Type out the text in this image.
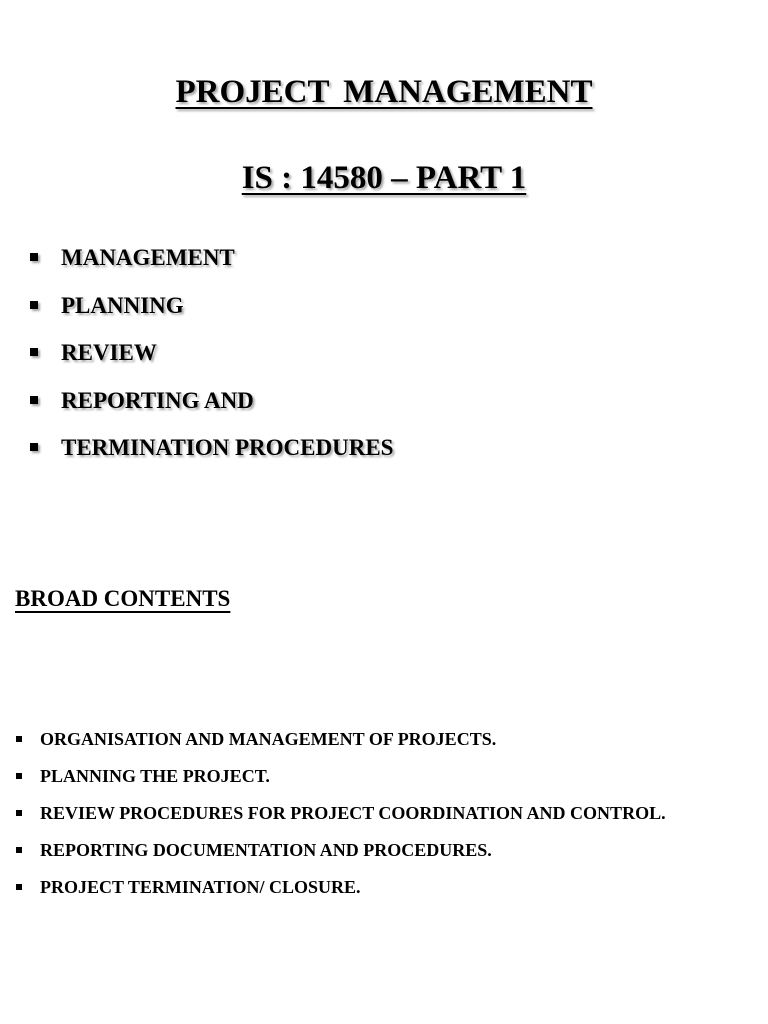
PROJECT MANAGEMENT
IS : 14580 – PART 1
MANAGEMENT
PLANNING
REVIEW
REPORTING AND
TERMINATION PROCEDURES
BROAD CONTENTS
ORGANISATION AND MANAGEMENT OF PROJECTS.
PLANNING THE PROJECT.
REVIEW PROCEDURES FOR PROJECT COORDINATION AND CONTROL.
REPORTING DOCUMENTATION AND PROCEDURES.
PROJECT TERMINATION/ CLOSURE.
